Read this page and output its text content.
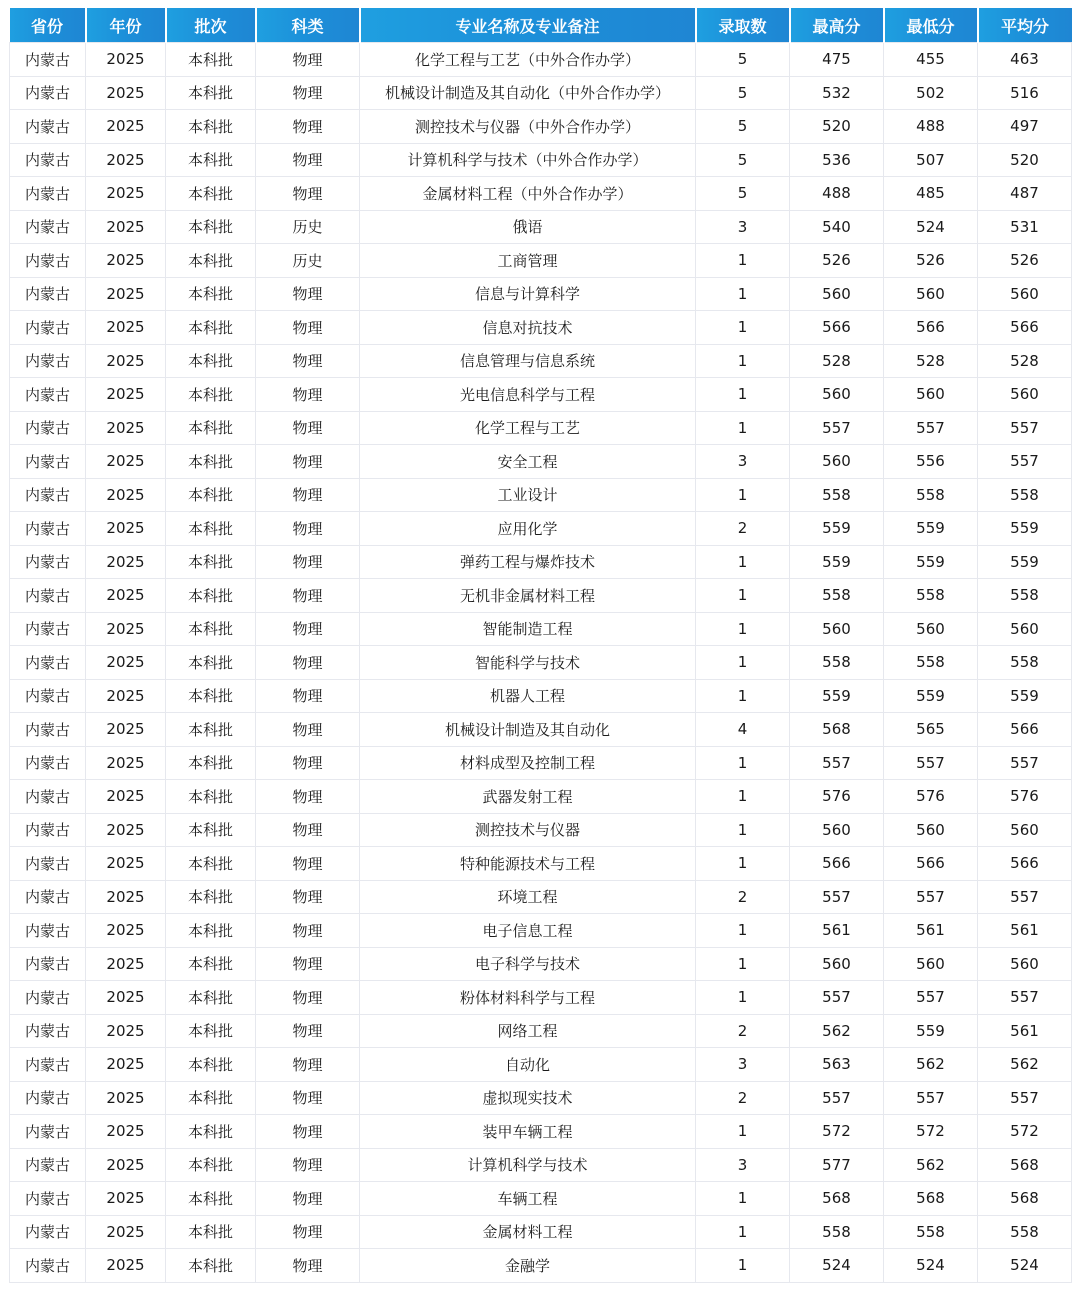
省份	年份	批次	科类	专业名称及专业备注	录取数	最高分	最低分	平均分
内蒙古	2025	本科批	物理	化学工程与工艺（中外合作办学）	5	475	455	463
内蒙古	2025	本科批	物理	机械设计制造及其自动化（中外合作办学）	5	532	502	516
内蒙古	2025	本科批	物理	测控技术与仪器（中外合作办学）	5	520	488	497
内蒙古	2025	本科批	物理	计算机科学与技术（中外合作办学）	5	536	507	520
内蒙古	2025	本科批	物理	金属材料工程（中外合作办学）	5	488	485	487
内蒙古	2025	本科批	历史	俄语	3	540	524	531
内蒙古	2025	本科批	历史	工商管理	1	526	526	526
内蒙古	2025	本科批	物理	信息与计算科学	1	560	560	560
内蒙古	2025	本科批	物理	信息对抗技术	1	566	566	566
内蒙古	2025	本科批	物理	信息管理与信息系统	1	528	528	528
内蒙古	2025	本科批	物理	光电信息科学与工程	1	560	560	560
内蒙古	2025	本科批	物理	化学工程与工艺	1	557	557	557
内蒙古	2025	本科批	物理	安全工程	3	560	556	557
内蒙古	2025	本科批	物理	工业设计	1	558	558	558
内蒙古	2025	本科批	物理	应用化学	2	559	559	559
内蒙古	2025	本科批	物理	弹药工程与爆炸技术	1	559	559	559
内蒙古	2025	本科批	物理	无机非金属材料工程	1	558	558	558
内蒙古	2025	本科批	物理	智能制造工程	1	560	560	560
内蒙古	2025	本科批	物理	智能科学与技术	1	558	558	558
内蒙古	2025	本科批	物理	机器人工程	1	559	559	559
内蒙古	2025	本科批	物理	机械设计制造及其自动化	4	568	565	566
内蒙古	2025	本科批	物理	材料成型及控制工程	1	557	557	557
内蒙古	2025	本科批	物理	武器发射工程	1	576	576	576
内蒙古	2025	本科批	物理	测控技术与仪器	1	560	560	560
内蒙古	2025	本科批	物理	特种能源技术与工程	1	566	566	566
内蒙古	2025	本科批	物理	环境工程	2	557	557	557
内蒙古	2025	本科批	物理	电子信息工程	1	561	561	561
内蒙古	2025	本科批	物理	电子科学与技术	1	560	560	560
内蒙古	2025	本科批	物理	粉体材料科学与工程	1	557	557	557
内蒙古	2025	本科批	物理	网络工程	2	562	559	561
内蒙古	2025	本科批	物理	自动化	3	563	562	562
内蒙古	2025	本科批	物理	虚拟现实技术	2	557	557	557
内蒙古	2025	本科批	物理	装甲车辆工程	1	572	572	572
内蒙古	2025	本科批	物理	计算机科学与技术	3	577	562	568
内蒙古	2025	本科批	物理	车辆工程	1	568	568	568
内蒙古	2025	本科批	物理	金属材料工程	1	558	558	558
内蒙古	2025	本科批	物理	金融学	1	524	524	524
